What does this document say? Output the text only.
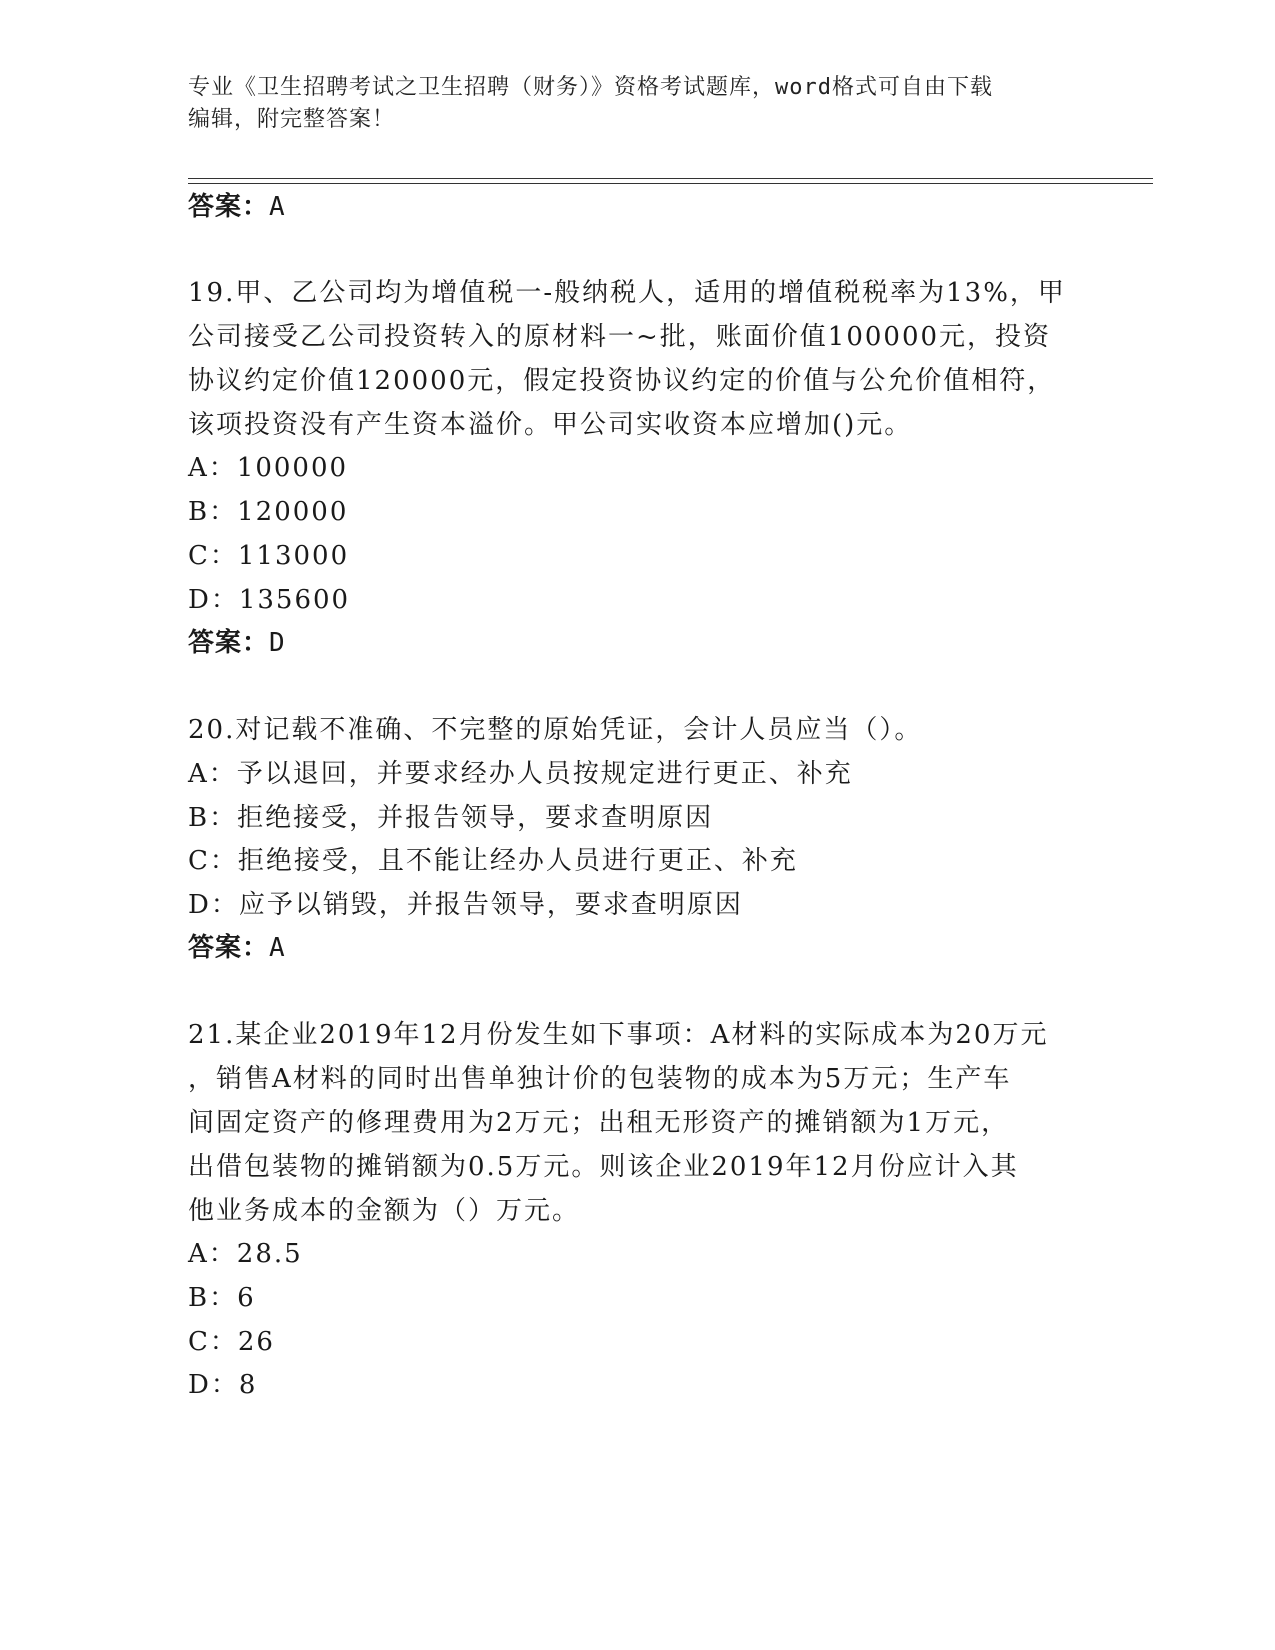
专业《卫生招聘考试之卫生招聘（财务）》资格考试题库，word格式可自由下载
编辑，附完整答案！
答案：A
19.甲、乙公司均为增值税一-般纳税人，适用的增值税税率为13%，甲
公司接受乙公司投资转入的原材料一~批，账面价值100000元，投资
协议约定价值120000元，假定投资协议约定的价值与公允价值相符，
该项投资没有产生资本溢价。甲公司实收资本应增加()元。
A：100000
B：120000
C：113000
D：135600
答案：D
20.对记载不准确、不完整的原始凭证，会计人员应当（）。
A：予以退回，并要求经办人员按规定进行更正、补充
B：拒绝接受，并报告领导，要求查明原因
C：拒绝接受，且不能让经办人员进行更正、补充
D：应予以销毁，并报告领导，要求查明原因
答案：A
21.某企业2019年12月份发生如下事项：A材料的实际成本为20万元
，销售A材料的同时出售单独计价的包装物的成本为5万元；生产车
间固定资产的修理费用为2万元；出租无形资产的摊销额为1万元，
出借包装物的摊销额为0.5万元。则该企业2019年12月份应计入其
他业务成本的金额为（）万元。
A：28.5
B：6
C：26
D：8
